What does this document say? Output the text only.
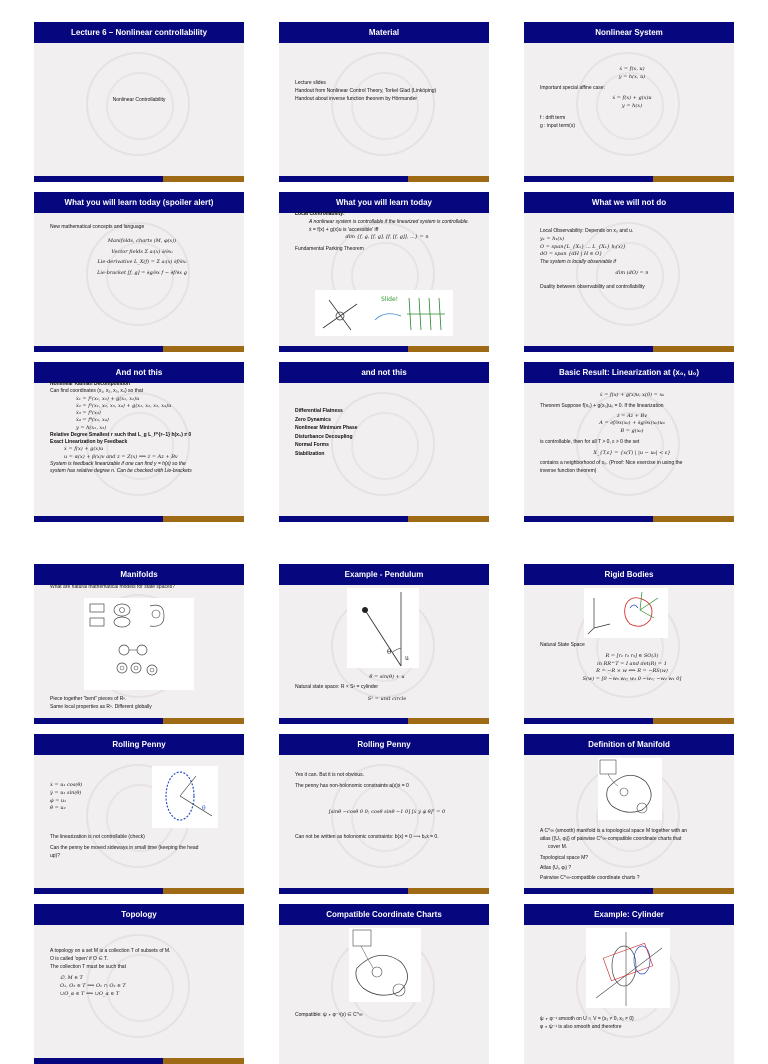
Lecture 6 – Nonlinear controllability
Nonlinear Controllability
Material
Lecture slides
Handout from Nonlinear Control Theory, Torkel Glad (Linköping)
Handout about inverse function theorem by Hörmander
Nonlinear System
ẋ = f(x, u)
y = h(x, u)
Important special affine case:
ẋ = f(x) + g(x)u
y = h(x)
f : drift term
g : input term(s)
What you will learn today (spoiler alert)
New mathematical concepts and language
Manifolds, charts (M, φ(x))
Vector fields Σ aᵢ(x) ∂/∂xᵢ
Lie-derivative L_X(f) = Σ aᵢ(x) ∂f/∂xᵢ
Lie-bracket [f, g] = ∂g/∂x f − ∂f/∂x g
What you will learn today
Local Controllability:
A nonlinear system is controllable if the linearized system is controllable.
ẋ = f(x) + g(x)u is 'accessible' iff
dim {f, g, [f, g], [f, [f, g]], ...} = n
Fundamental Parking Theorem
Slide!
What we will not do
Local Observability: Depends on x₀ and u.
y₁ = h₁(x)
O = span{L_{X₁} ... L_{Xₖ} hⱼ(x)}
dO = span {dH | H ∈ O}
The system is locally observable if
dim (dO) = n
Duality between observability and controllability
And not this
Nonlinear Kalman Decomposition
Can find coordinates (x₁, x₂, x₃, x₄) so that
ẋ₁ = f¹(x₁, x₂) + g(x₁, x₂)u
ẋ₂ = f²(x₁, x₂, x₃, x₄) + g(x₁, x₂, x₃, x₄)u
ẋ₃ = f³(x₃)
ẋ₄ = f⁴(x₃, x₄)
y = h(x₁, x₃)
Relative Degree Smallest r such that L_g L_f^{r−1} h(x₀) ≠ 0
Exact Linearization by Feedback
ẋ = f(x) + g(x)u
u = α(x) + β(x)v and z = Z(x) ⟹ ż = Az + Bv
System is feedback linearizable if one can find y = h(x) so the
system has relative degree n. Can be checked with Lie-brackets
and not this
Differential Flatness
Zero Dynamics
Nonlinear Minimum Phase
Disturbance Decoupling
Normal Forms
Stabilization
Basic Result: Linearization at (x₀, u₀)
ẋ = f(x) + g(x)u, x(0) = x₀
Theorem Suppose f(x₀) + g(x₀)u₀ = 0. If the linearization
ż = Az + Bv
A = ∂f/∂x(x₀) + ∂g/∂x(x₀)u₀
B = g(x₀)
is controllable, then for all T > 0, ε > 0 the set
X_{T,ε} = {x(T) | |u − u₀| < ε}
contains a neighborhood of x₀. (Proof: Nice exercise in using the
inverse function theorem)
Manifolds
What are natural mathematical models for state spaces?
Piece together "bent" pieces of Rⁿ.
Same local properties as Rⁿ. Different globally
Example - Pendulum
θ
u
θ̈ = sin(θ) + u
Natural state space: R × S¹ = cylinder
S¹ = unit circle
Rigid Bodies
Natural State Space
R = [r₁ r₂ r₃] ∈ SO(3)
in RR^T = I and det(R) = 1
Ṙ = −R × w ⟺ Ṙ = −RS(w)
S(w) = [0 −w₃ w₂; w₃ 0 −w₁; −w₂ w₁ 0]
Rolling Penny
ẋ = u₁ cos(θ)
ẏ = u₁ sin(θ)
φ̇ = u₁
θ̇ = u₂	θ
The linearization is not controllable (check)
Can the penny be moved sideways in small time (keeping the head
up)?
Rolling Penny
Yes it can. But it is not obvious.
The penny has non-holonomic constraints a(x)ẋ = 0
[sinθ −cosθ 0 0; cosθ sinθ −1 0] [ẋ ẏ φ̇ θ̇]ᵀ = 0
Can not be written as holonomic constraints: b(x) = 0 ⟹ bₓẋ = 0.
Definition of Manifold
A C^∞ (smooth) manifold is a topological space M together with an
atlas {(Uᵢ, φᵢ)} of pairwise C^∞-compatible coordinate charts that
cover M.
Topological space M?
Atlas (Uᵢ, φᵢ) ?
Pairwise C^∞-compatible coordinate charts ?
Topology
A topology on a set M is a collection T of subsets of M.
O is called 'open' if O ∈ T.
The collection T must be such that
∅, M ∈ T
O₁, O₂ ∈ T ⟹ O₁ ∩ O₂ ∈ T
∪O_α ∈ T ⟹ ∪O_α ∈ T
Compatible Coordinate Charts
Compatible: ψ ∘ φ⁻¹(x) ∈ C^∞
Example: Cylinder
ψ ∘ φ⁻¹ smooth on U ∩ V = {x₂ ≠ 0, x₂ ≠ 0}
φ ∘ ψ⁻¹ is also smooth and therefore
